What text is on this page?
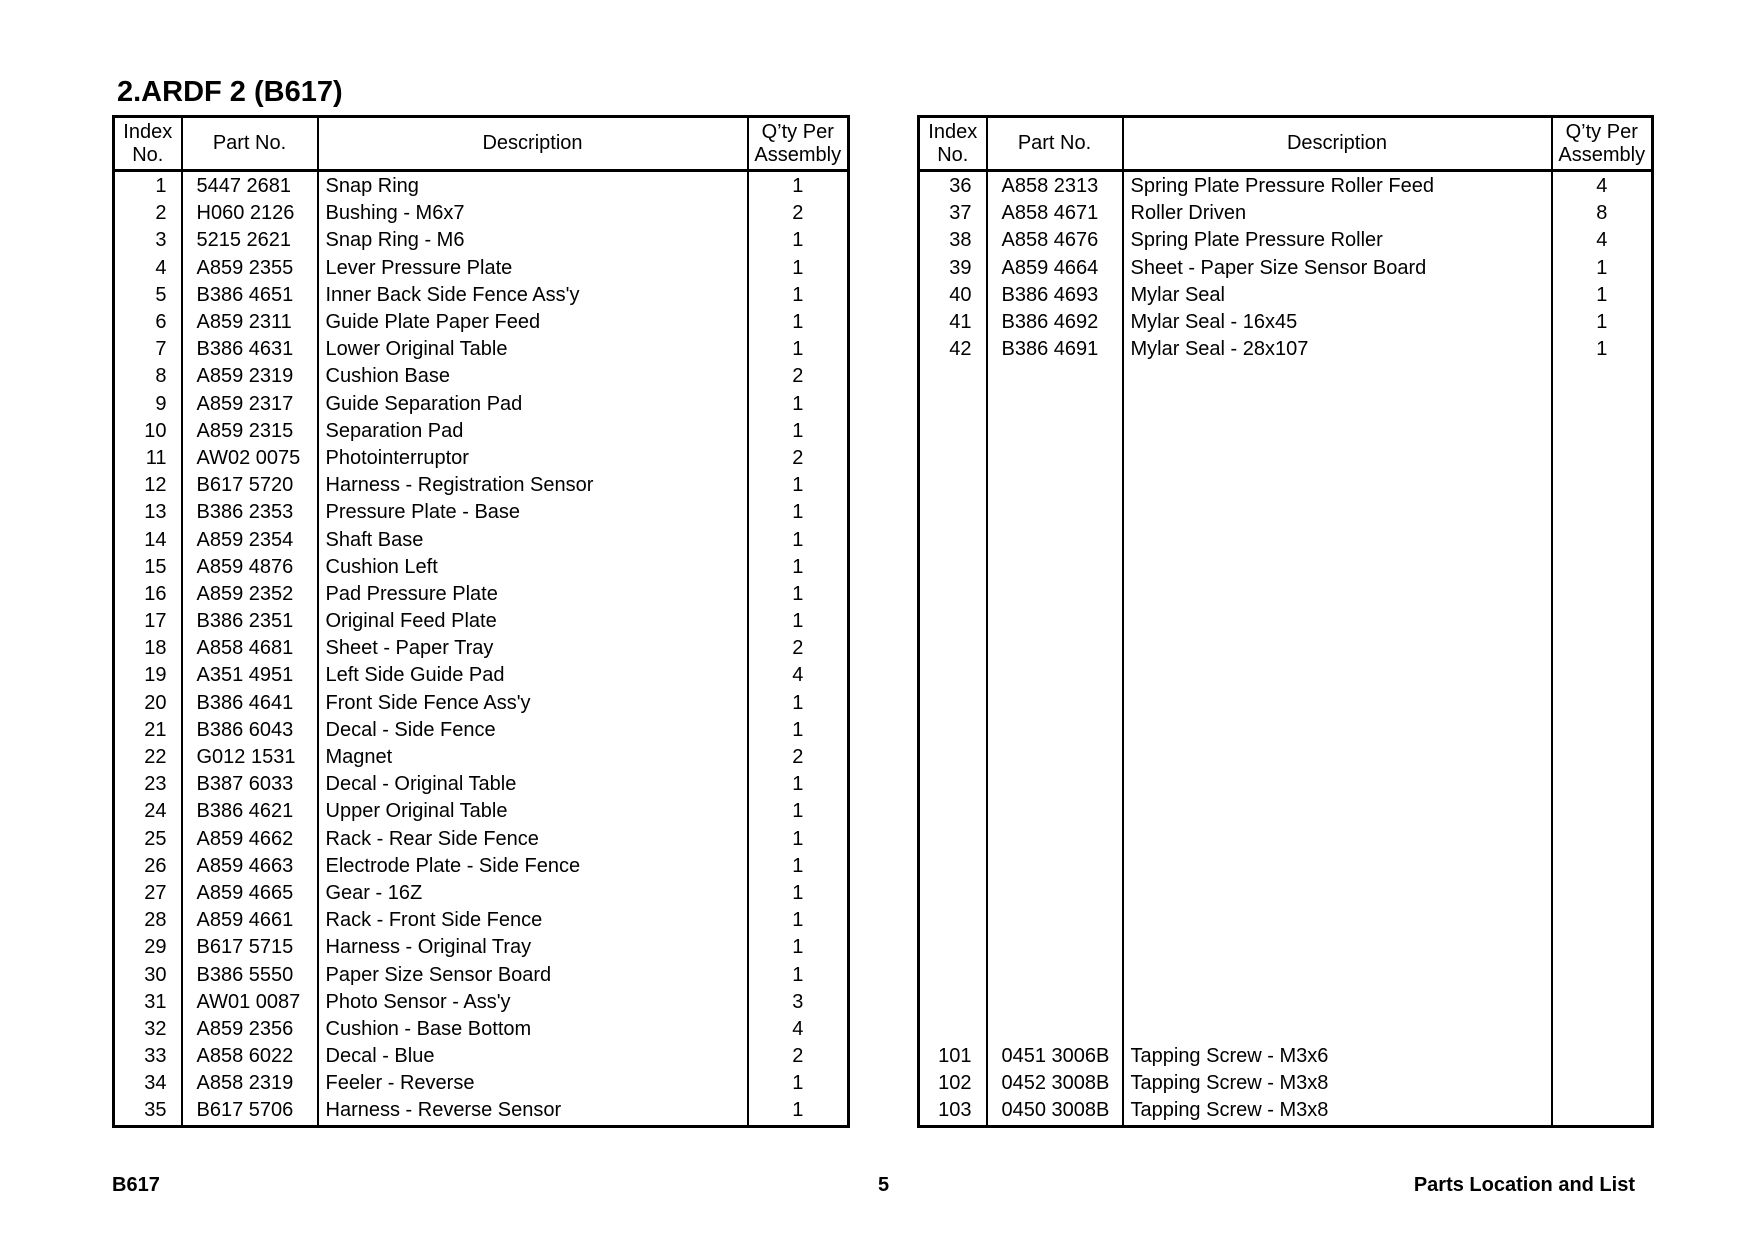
2.ARDF 2 (B617)
Index
No.	Part No.	Description	Q’ty Per
Assembly
1	5447 2681	Snap Ring	1
2	H060 2126	Bushing - M6x7	2
3	5215 2621	Snap Ring - M6	1
4	A859 2355	Lever Pressure Plate	1
5	B386 4651	Inner Back Side Fence Ass'y	1
6	A859 2311	Guide Plate Paper Feed	1
7	B386 4631	Lower Original Table	1
8	A859 2319	Cushion Base	2
9	A859 2317	Guide Separation Pad	1
10	A859 2315	Separation Pad	1
11	AW02 0075	Photointerruptor	2
12	B617 5720	Harness - Registration Sensor	1
13	B386 2353	Pressure Plate - Base	1
14	A859 2354	Shaft Base	1
15	A859 4876	Cushion Left	1
16	A859 2352	Pad Pressure Plate	1
17	B386 2351	Original Feed Plate	1
18	A858 4681	Sheet - Paper Tray	2
19	A351 4951	Left Side Guide Pad	4
20	B386 4641	Front Side Fence Ass'y	1
21	B386 6043	Decal - Side Fence	1
22	G012 1531	Magnet	2
23	B387 6033	Decal - Original Table	1
24	B386 4621	Upper Original Table	1
25	A859 4662	Rack - Rear Side Fence	1
26	A859 4663	Electrode Plate - Side Fence	1
27	A859 4665	Gear - 16Z	1
28	A859 4661	Rack - Front Side Fence	1
29	B617 5715	Harness - Original Tray	1
30	B386 5550	Paper Size Sensor Board	1
31	AW01 0087	Photo Sensor - Ass'y	3
32	A859 2356	Cushion - Base Bottom	4
33	A858 6022	Decal - Blue	2
34	A858 2319	Feeler - Reverse	1
35	B617 5706	Harness - Reverse Sensor	1
Index
No.	Part No.	Description	Q’ty Per
Assembly
36	A858 2313	Spring Plate Pressure Roller Feed	4
37	A858 4671	Roller Driven	8
38	A858 4676	Spring Plate Pressure Roller	4
39	A859 4664	Sheet - Paper Size Sensor Board	1
40	B386 4693	Mylar Seal	1
41	B386 4692	Mylar Seal - 16x45	1
42	B386 4691	Mylar Seal - 28x107	1

101	0451 3006B	Tapping Screw - M3x6	
102	0452 3008B	Tapping Screw - M3x8	
103	0450 3008B	Tapping Screw - M3x8	
B617	5	Parts Location and List
